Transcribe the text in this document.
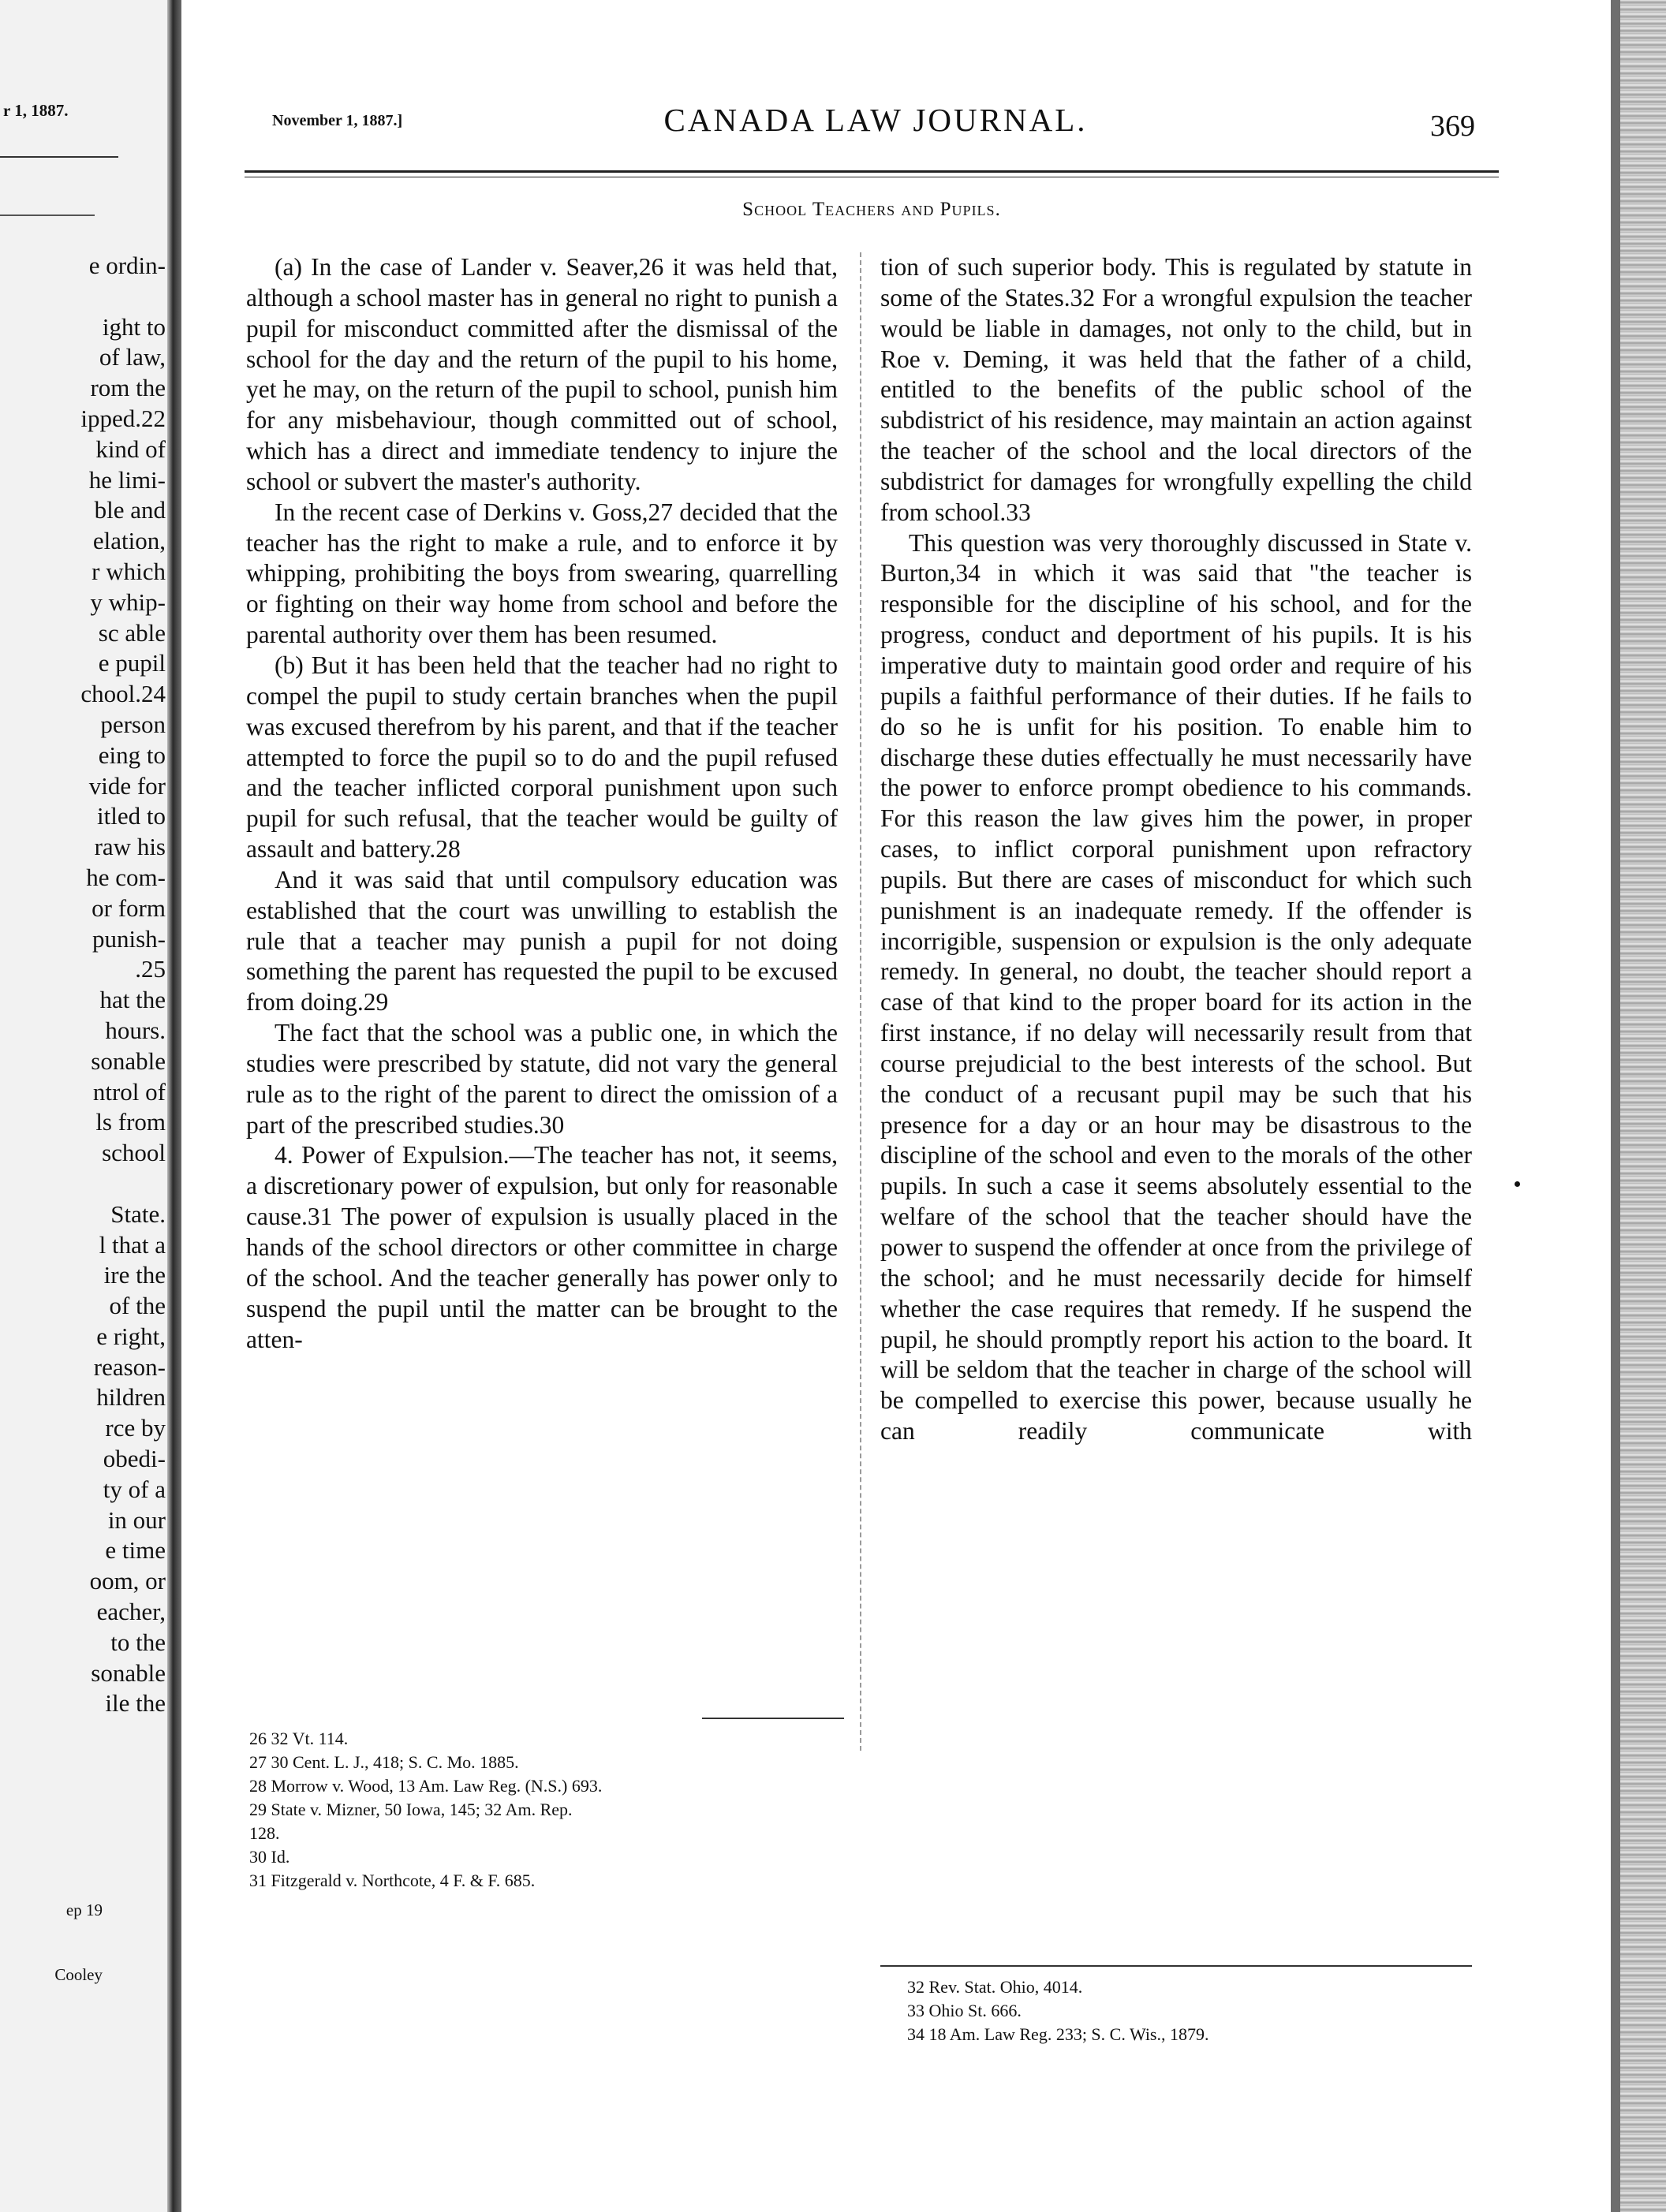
r 1, 1887.
e ordin-
ight to
of law,
rom the
ipped.22
kind of
he limi-
ble and
elation,
r which
y whip-
sc able
e pupil
chool.24
person
eing to
vide for
itled to
raw his
he com-
or form
punish-
.25
hat the
hours.
sonable
ntrol of
ls from
school
State.
l that a
ire the
of the
e right,
reason-
hildren
rce by
obedi-
ty of a
in our
e time
oom, or
eacher,
to the
sonable
ile the
ep 19
Cooley
November 1, 1887.]	CANADA LAW JOURNAL.	369
School Teachers and Pupils.

(a) In the case of Lander v. Seaver,26 it was held that, although a school master has in general no right to punish a pupil for misconduct committed after the dismissal of the school for the day and the return of the pupil to his home, yet he may, on the return of the pupil to school, punish him for any misbehaviour, though committed out of school, which has a direct and immediate tendency to injure the school or subvert the master's authority.

In the recent case of Derkins v. Goss,27 decided that the teacher has the right to make a rule, and to enforce it by whipping, prohibiting the boys from swearing, quarrelling or fighting on their way home from school and before the parental authority over them has been resumed.

(b) But it has been held that the teacher had no right to compel the pupil to study certain branches when the pupil was excused therefrom by his parent, and that if the teacher attempted to force the pupil so to do and the pupil refused and the teacher inflicted corporal punishment upon such pupil for such refusal, that the teacher would be guilty of assault and battery.28

And it was said that until compulsory education was established that the court was unwilling to establish the rule that a teacher may punish a pupil for not doing something the parent has requested the pupil to be excused from doing.29

The fact that the school was a public one, in which the studies were prescribed by statute, did not vary the general rule as to the right of the parent to direct the omission of a part of the prescribed studies.30

4. Power of Expulsion.—The teacher has not, it seems, a discretionary power of expulsion, but only for reasonable cause.31 The power of expulsion is usually placed in the hands of the school directors or other committee in charge of the school. And the teacher generally has power only to suspend the pupil until the matter can be brought to the atten-

tion of such superior body. This is regulated by statute in some of the States.32 For a wrongful expulsion the teacher would be liable in damages, not only to the child, but in Roe v. Deming, it was held that the father of a child, entitled to the benefits of the public school of the subdistrict of his residence, may maintain an action against the teacher of the school and the local directors of the subdistrict for damages for wrongfully expelling the child from school.33

This question was very thoroughly discussed in State v. Burton,34 in which it was said that "the teacher is responsible for the discipline of his school, and for the progress, conduct and deportment of his pupils. It is his imperative duty to maintain good order and require of his pupils a faithful performance of their duties. If he fails to do so he is unfit for his position. To enable him to discharge these duties effectually he must necessarily have the power to enforce prompt obedience to his commands. For this reason the law gives him the power, in proper cases, to inflict corporal punishment upon refractory pupils. But there are cases of misconduct for which such punishment is an inadequate remedy. If the offender is incorrigible, suspension or expulsion is the only adequate remedy. In general, no doubt, the teacher should report a case of that kind to the proper board for its action in the first instance, if no delay will necessarily result from that course prejudicial to the best interests of the school. But the conduct of a recusant pupil may be such that his presence for a day or an hour may be disastrous to the discipline of the school and even to the morals of the other pupils. In such a case it seems absolutely essential to the welfare of the school that the teacher should have the power to suspend the offender at once from the privilege of the school; and he must necessarily decide for himself whether the case requires that remedy. If he suspend the pupil, he should promptly report his action to the board. It will be seldom that the teacher in charge of the school will be compelled to exercise this power, because usually he can readily communicate with

26 32 Vt. 114.
27 30 Cent. L. J., 418; S. C. Mo. 1885.
28 Morrow v. Wood, 13 Am. Law Reg. (N.S.) 693.
29 State v. Mizner, 50 Iowa, 145; 32 Am. Rep.
128.
30 Id.
31 Fitzgerald v. Northcote, 4 F. & F. 685.
32 Rev. Stat. Ohio, 4014.
33 Ohio St. 666.
34 18 Am. Law Reg. 233; S. C. Wis., 1879.
